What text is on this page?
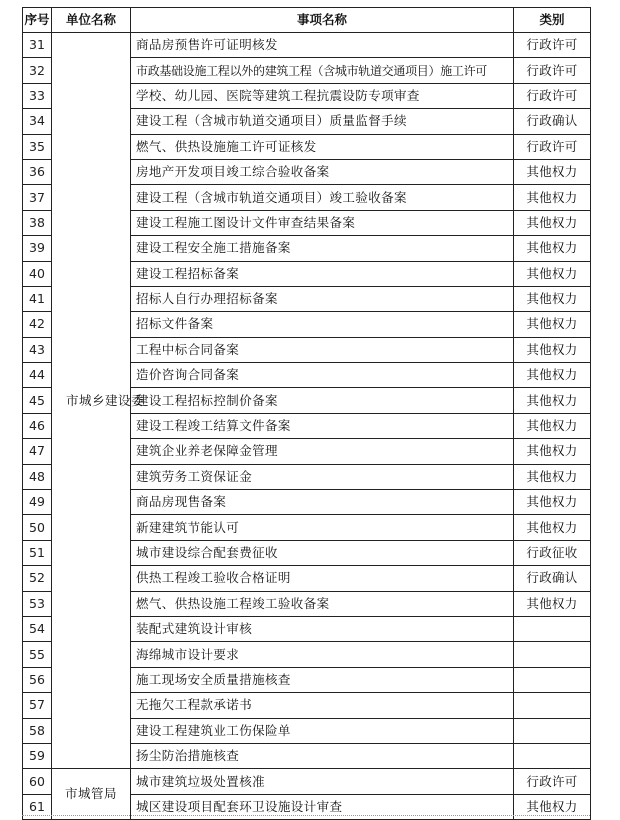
序号	单位名称	事项名称	类别
31	市城乡建设委	商品房预售许可证明核发	行政许可
32		市政基础设施工程以外的建筑工程（含城市轨道交通项目）施工许可	行政许可
33		学校、幼儿园、医院等建筑工程抗震设防专项审查	行政许可
34		建设工程（含城市轨道交通项目）质量监督手续	行政确认
35		燃气、供热设施施工许可证核发	行政许可
36		房地产开发项目竣工综合验收备案	其他权力
37		建设工程（含城市轨道交通项目）竣工验收备案	其他权力
38		建设工程施工图设计文件审查结果备案	其他权力
39		建设工程安全施工措施备案	其他权力
40		建设工程招标备案	其他权力
41		招标人自行办理招标备案	其他权力
42		招标文件备案	其他权力
43		工程中标合同备案	其他权力
44		造价咨询合同备案	其他权力
45		建设工程招标控制价备案	其他权力
46		建设工程竣工结算文件备案	其他权力
47		建筑企业养老保障金管理	其他权力
48		建筑劳务工资保证金	其他权力
49		商品房现售备案	其他权力
50		新建建筑节能认可	其他权力
51		城市建设综合配套费征收	行政征收
52		供热工程竣工验收合格证明	行政确认
53		燃气、供热设施工程竣工验收备案	其他权力
54		装配式建筑设计审核	
55		海绵城市设计要求	
56		施工现场安全质量措施核查	
57		无拖欠工程款承诺书	
58		建设工程建筑业工伤保险单	
59		扬尘防治措施核查	
60	市城管局	城市建筑垃圾处置核准	行政许可
61		城区建设项目配套环卫设施设计审查	其他权力
